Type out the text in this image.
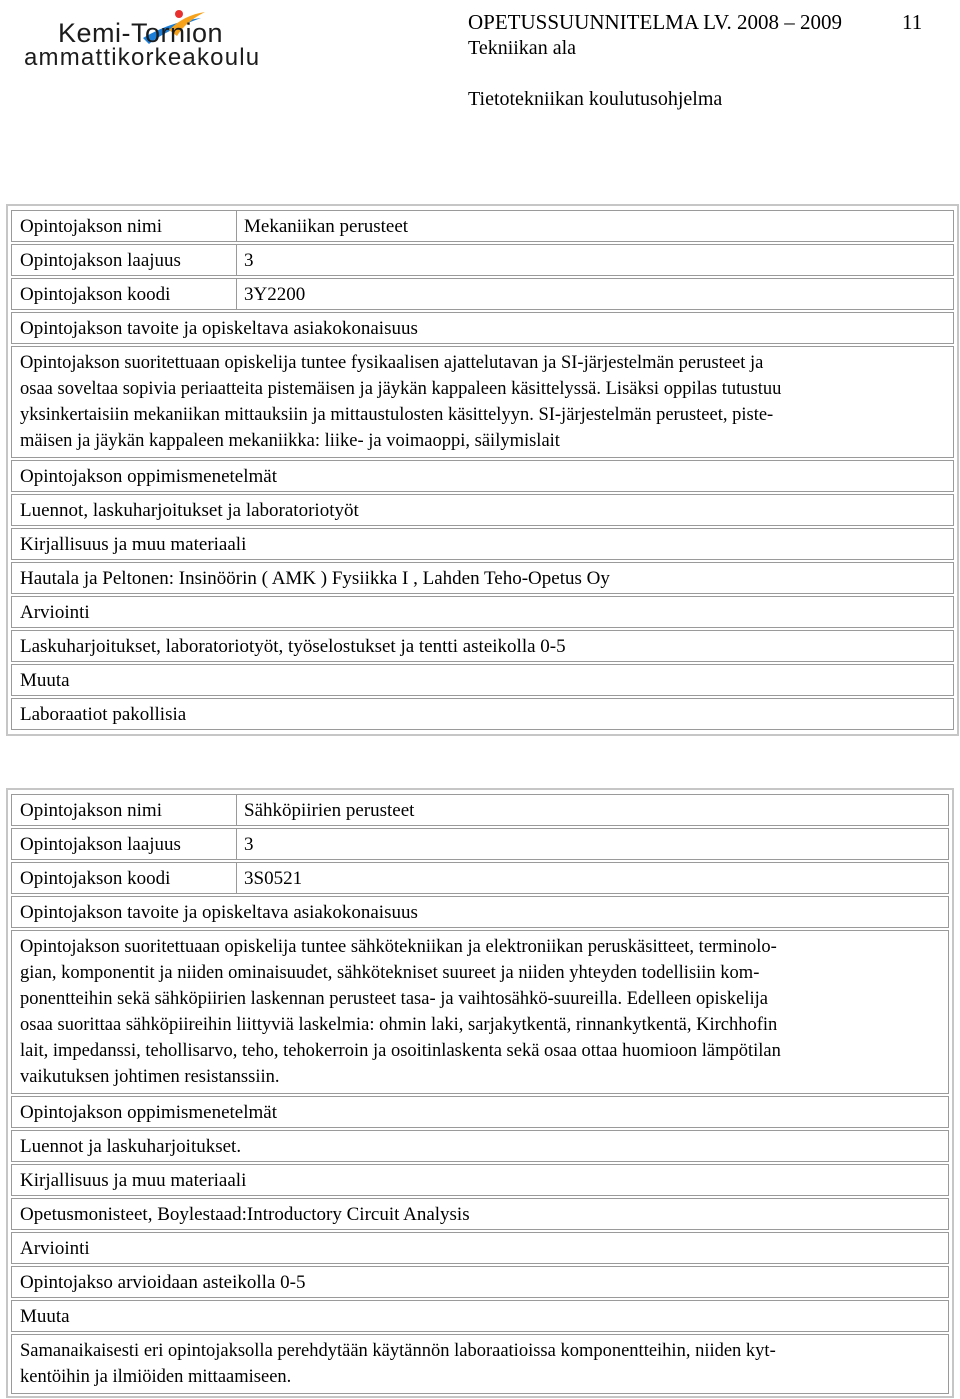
Kemi-Tornion
ammattikorkeakoulu
OPETUSSUUNNITELMA LV. 2008 – 2009	11
Tekniikan ala
Tietotekniikan koulutusohjelma
Opintojakson nimi	Mekaniikan perusteet
Opintojakson laajuus	3
Opintojakson koodi	3Y2200
Opintojakson tavoite ja opiskeltava asiakokonaisuus
Opintojakson suoritettuaan opiskelija tuntee fysikaalisen ajattelutavan ja SI-järjestelmän perusteet ja
osaa soveltaa sopivia periaatteita pistemäisen ja jäykän kappaleen käsittelyssä. Lisäksi oppilas tutustuu
yksinkertaisiin mekaniikan mittauksiin ja mittaustulosten käsittelyyn. SI-järjestelmän perusteet, piste-
mäisen ja jäykän kappaleen mekaniikka: liike- ja voimaoppi, säilymislait
Opintojakson oppimismenetelmät
Luennot, laskuharjoitukset ja laboratoriotyöt
Kirjallisuus ja muu materiaali
Hautala ja Peltonen: Insinöörin ( AMK ) Fysiikka I , Lahden Teho-Opetus Oy
Arviointi
Laskuharjoitukset, laboratoriotyöt, työselostukset ja tentti asteikolla 0-5
Muuta
Laboraatiot pakollisia
Opintojakson nimi	Sähköpiirien perusteet
Opintojakson laajuus	3
Opintojakson koodi	3S0521
Opintojakson tavoite ja opiskeltava asiakokonaisuus
Opintojakson suoritettuaan opiskelija tuntee sähkötekniikan ja elektroniikan peruskäsitteet, terminolo-
gian, komponentit ja niiden ominaisuudet, sähkötekniset suureet ja niiden yhteyden todellisiin kom-
ponentteihin sekä sähköpiirien laskennan perusteet tasa- ja vaihtosähkö-suureilla. Edelleen opiskelija
osaa suorittaa sähköpiireihin liittyviä laskelmia: ohmin laki, sarjakytkentä, rinnankytkentä, Kirchhofin
lait, impedanssi, tehollisarvo, teho, tehokerroin ja osoitinlaskenta sekä osaa ottaa huomioon lämpötilan
vaikutuksen johtimen resistanssiin.
Opintojakson oppimismenetelmät
Luennot ja laskuharjoitukset.
Kirjallisuus ja muu materiaali
Opetusmonisteet, Boylestaad:Introductory Circuit Analysis
Arviointi
Opintojakso arvioidaan asteikolla 0-5
Muuta
Samanaikaisesti eri opintojaksolla perehdytään käytännön laboraatioissa komponentteihin, niiden kyt-
kentöihin ja ilmiöiden mittaamiseen.
